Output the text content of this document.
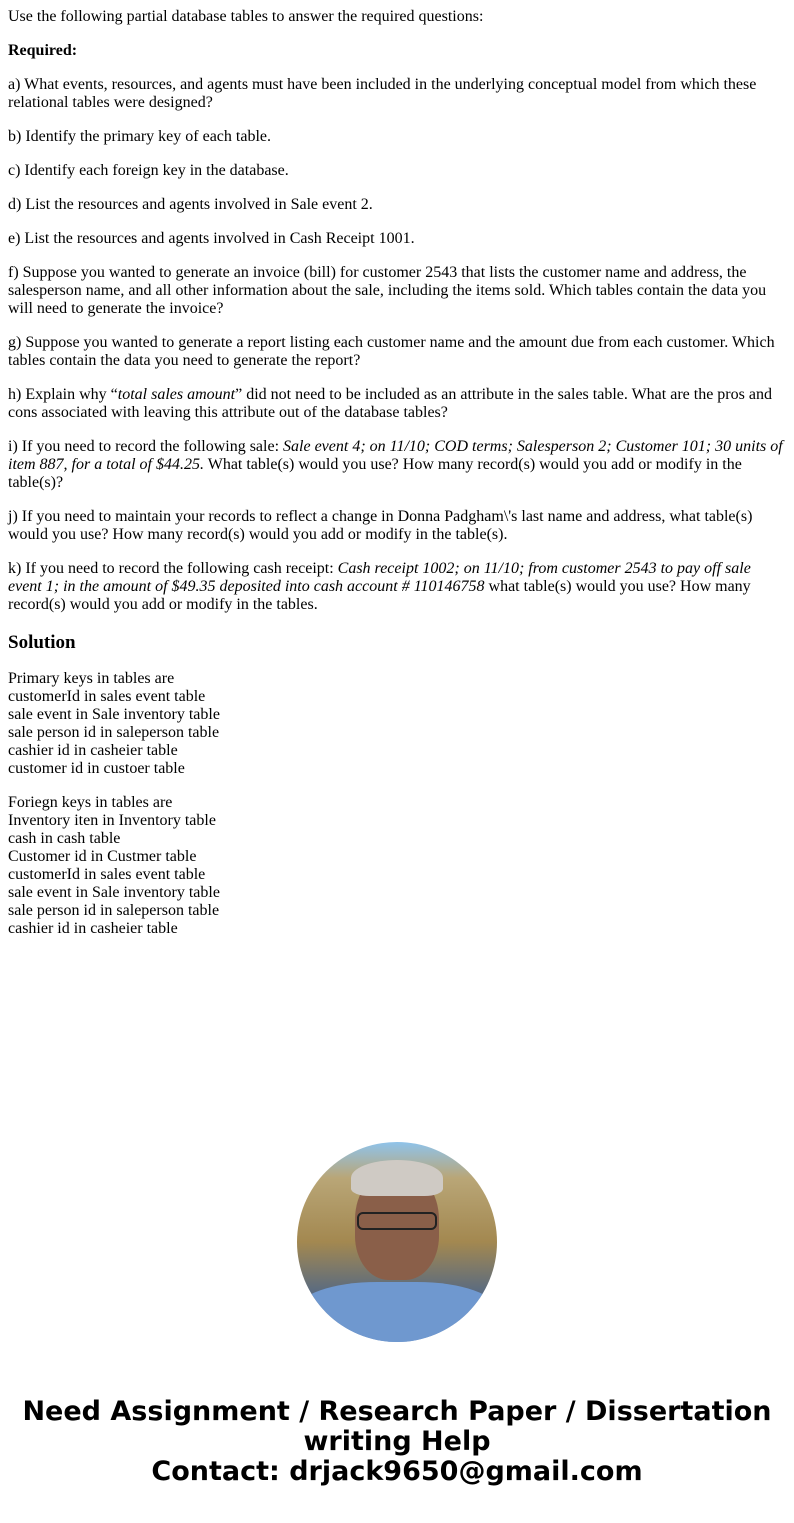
Use the following partial database tables to answer the required questions:

Required:

a) What events, resources, and agents must have been included in the underlying conceptual model from which these relational tables were designed?

b) Identify the primary key of each table.

c) Identify each foreign key in the database.

d) List the resources and agents involved in Sale event 2.

e) List the resources and agents involved in Cash Receipt 1001.

f) Suppose you wanted to generate an invoice (bill) for customer 2543 that lists the customer name and address, the salesperson name, and all other information about the sale, including the items sold. Which tables contain the data you will need to generate the invoice?

g) Suppose you wanted to generate a report listing each customer name and the amount due from each customer. Which tables contain the data you need to generate the report?

h) Explain why “total sales amount” did not need to be included as an attribute in the sales table. What are the pros and cons associated with leaving this attribute out of the database tables?

i) If you need to record the following sale: Sale event 4; on 11/10; COD terms; Salesperson 2; Customer 101; 30 units of item 887, for a total of $44.25. What table(s) would you use? How many record(s) would you add or modify in the table(s)?

j) If you need to maintain your records to reflect a change in Donna Padgham\'s last name and address, what table(s) would you use? How many record(s) would you add or modify in the table(s).

k) If you need to record the following cash receipt: Cash receipt 1002; on 11/10; from customer 2543 to pay off sale event 1; in the amount of $49.35 deposited into cash account # 110146758 what table(s) would you use? How many record(s) would you add or modify in the tables.

Solution

Primary keys in tables are
customerId in sales event table
sale event in Sale inventory table
sale person id in saleperson table
cashier id in casheier table
customer id in custoer table

Foriegn keys in tables are
Inventory iten in Inventory table
cash in cash table
Customer id in Custmer table
customerId in sales event table
sale event in Sale inventory table
sale person id in saleperson table
cashier id in casheier table

Need Assignment / Research Paper / Dissertation writing Help
Contact: drjack9650@gmail.com
